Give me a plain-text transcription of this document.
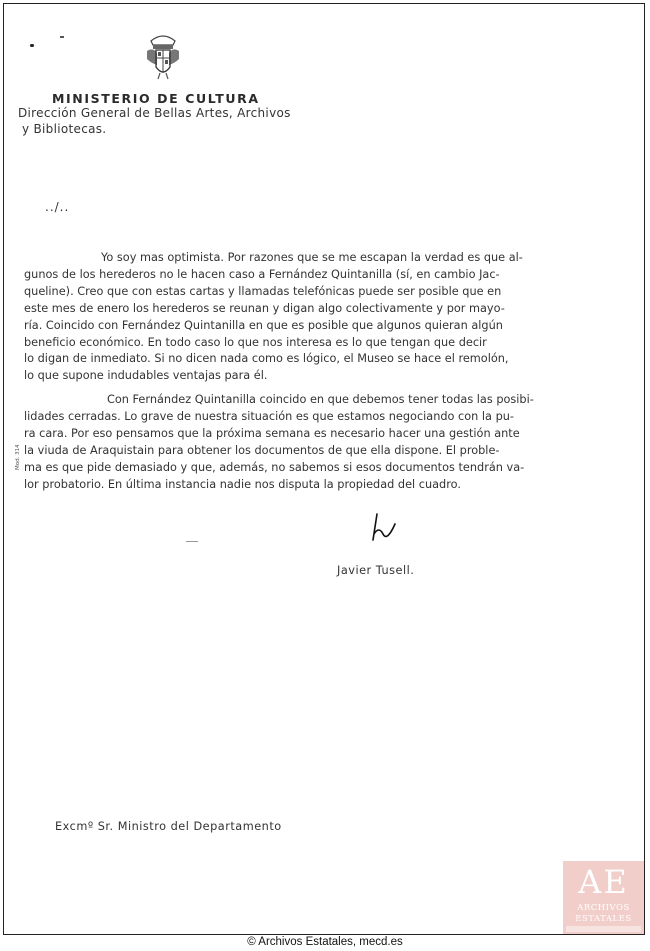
MINISTERIO DE CULTURA
Dirección General de Bellas Artes, Archivos
y Bibliotecas.
../..

Yo soy mas optimista. Por razones que se me escapan la verdad es que al-
gunos de los herederos no le hacen caso a Fernández Quintanilla (sí, en cambio Jac-
queline). Creo que con estas cartas y llamadas telefónicas puede ser posible que en
este mes de enero los herederos se reunan y digan algo colectivamente y por mayo-
ría. Coincido con Fernández Quintanilla en que es posible que algunos quieran algún
beneficio económico. En todo caso lo que nos interesa es lo que tengan que decir
lo digan de inmediato. Si no dicen nada como es lógico, el Museo se hace el remolón,
lo que supone indudables ventajas para él.

Con Fernández Quintanilla coincido en que debemos tener todas las posibi-
lidades cerradas. Lo grave de nuestra situación es que estamos negociando con la pu-
ra cara. Por eso pensamos que la próxima semana es necesario hacer una gestión ante
la viuda de Araquistain para obtener los documentos de que ella dispone. El proble-
ma es que pide demasiado y que, además, no sabemos si esos documentos tendrán va-
lor probatorio. En última instancia nadie nos disputa la propiedad del cuadro.

Mod. 314
Javier Tusell.
Excmº Sr. Ministro del Departamento
AE
ARCHIVOS
ESTATALES
© Archivos Estatales, mecd.es
